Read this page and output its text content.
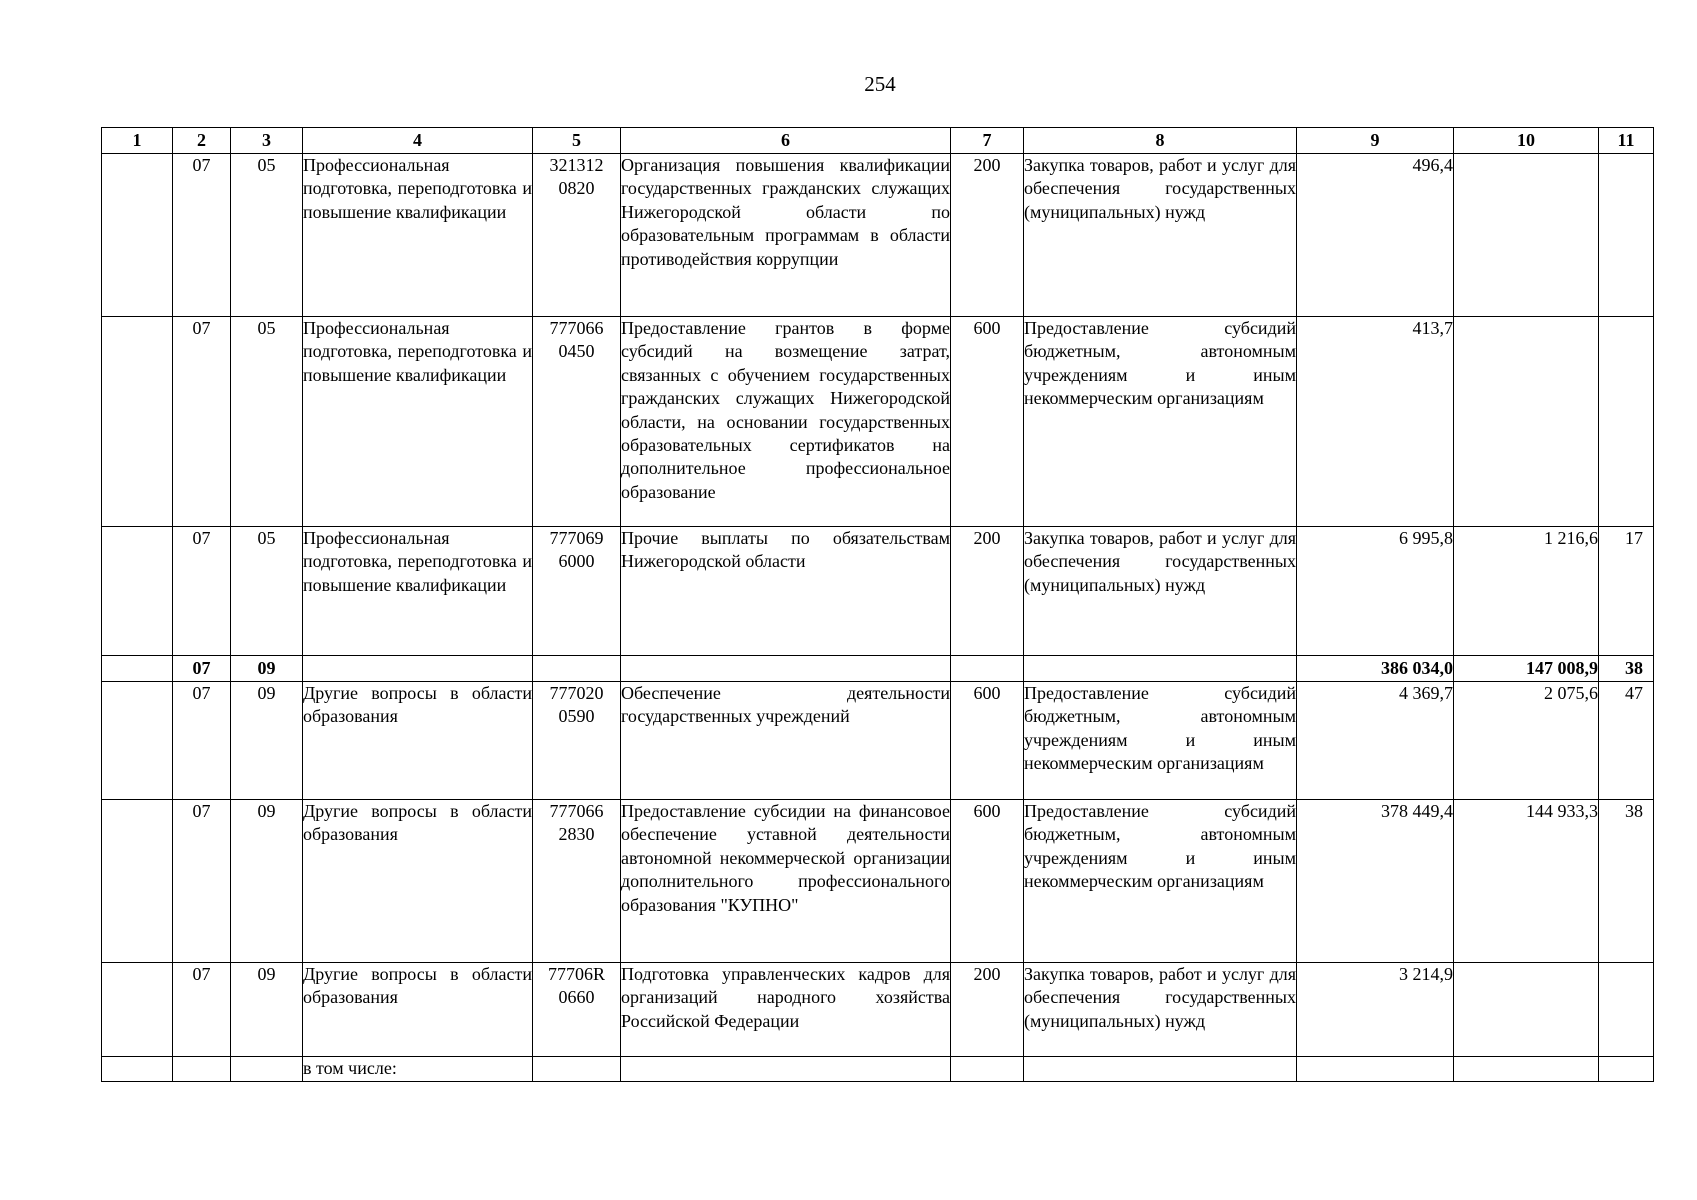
254
1	2	3	4	5	6	7	8	9	10	11
	07	05	Профессиональная подготовка, переподготовка и повышение квалификации	321312 0820	Организация повышения квалификации государственных гражданских служащих Нижегородской области по образовательным программам в области противодействия коррупции	200	Закупка товаров, работ и услуг для обеспечения государственных (муниципальных) нужд	496,4		
	07	05	Профессиональная подготовка, переподготовка и повышение квалификации	777066 0450	Предоставление грантов в форме субсидий на возмещение затрат, связанных с обучением государственных гражданских служащих Нижегородской области, на основании государственных образовательных сертификатов на дополнительное профессиональное образование	600	Предоставление субсидий бюджетным, автономным учреждениям и иным некоммерческим организациям	413,7		
	07	05	Профессиональная подготовка, переподготовка и повышение квалификации	777069 6000	Прочие выплаты по обязательствам Нижегородской области	200	Закупка товаров, работ и услуг для обеспечения государственных (муниципальных) нужд	6 995,8	1 216,6	17
	07	09						386 034,0	147 008,9	38
	07	09	Другие вопросы в области образования	777020 0590	Обеспечение деятельности государственных учреждений	600	Предоставление субсидий бюджетным, автономным учреждениям и иным некоммерческим организациям	4 369,7	2 075,6	47
	07	09	Другие вопросы в области образования	777066 2830	Предоставление субсидии на финансовое обеспечение уставной деятельности автономной некоммерческой организации дополнительного профессионального образования "КУПНО"	600	Предоставление субсидий бюджетным, автономным учреждениям и иным некоммерческим организациям	378 449,4	144 933,3	38
	07	09	Другие вопросы в области образования	77706R 0660	Подготовка управленческих кадров для организаций народного хозяйства Российской Федерации	200	Закупка товаров, работ и услуг для обеспечения государственных (муниципальных) нужд	3 214,9		
			в том числе:							
